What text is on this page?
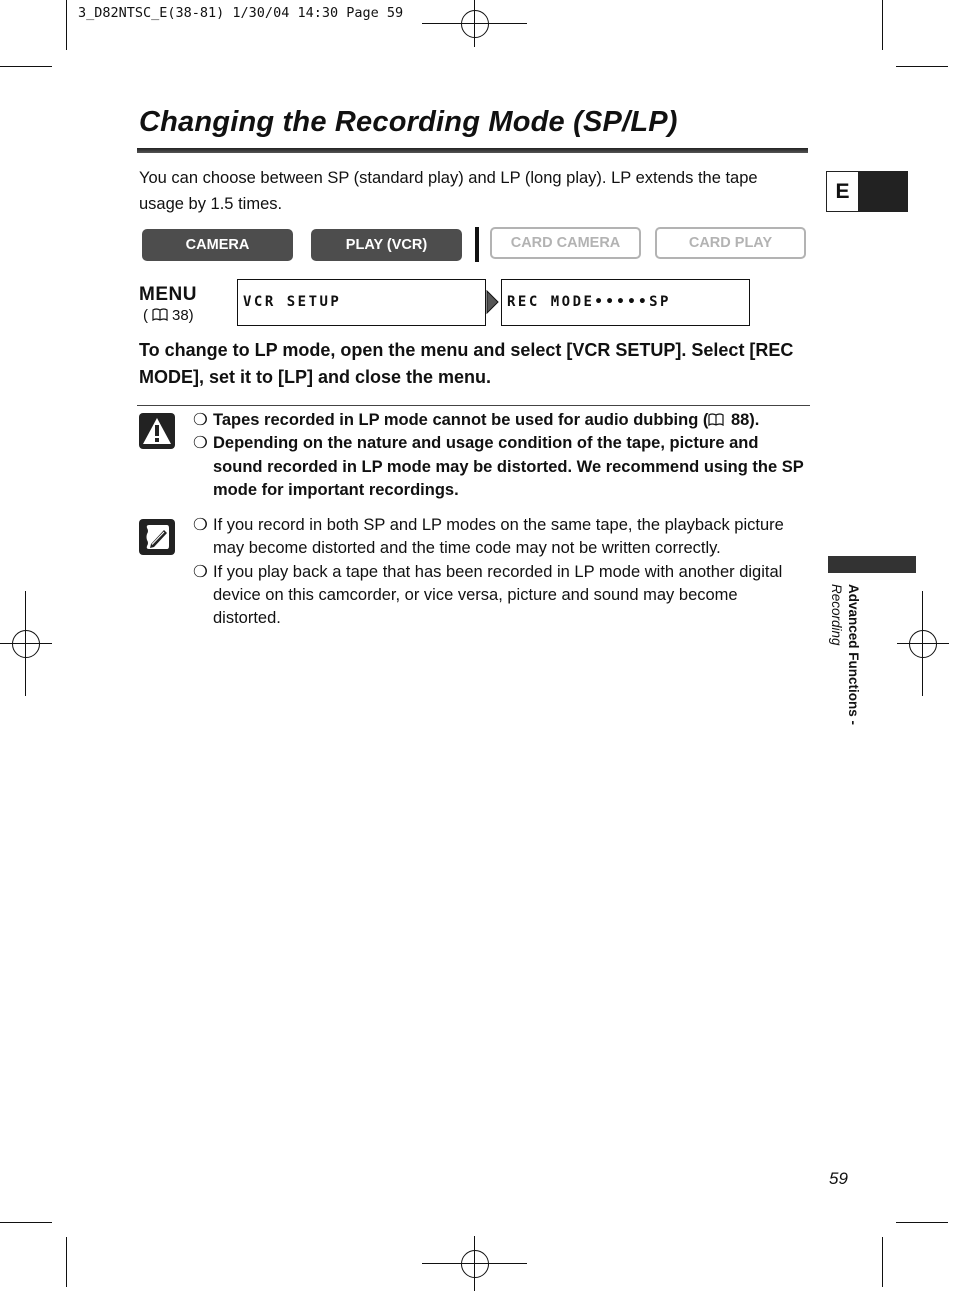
3_D82NTSC_E(38-81) 1/30/04 14:30 Page 59
Changing the Recording Mode (SP/LP)
You can choose between SP (standard play) and LP (long play). LP extends the tape usage by 1.5 times.
E
CAMERA	PLAY (VCR)	CARD CAMERA	CARD PLAY
MENU
( 38)
VCR SETUP	REC MODE•••••SP
To change to LP mode, open the menu and select [VCR SETUP]. Select [REC MODE], set it to [LP] and close the menu.
❍ Tapes recorded in LP mode cannot be used for audio dubbing ( 88).
❍ Depending on the nature and usage condition of the tape, picture and sound recorded in LP mode may be distorted. We recommend using the SP mode for important recordings.
❍ If you record in both SP and LP modes on the same tape, the playback picture may become distorted and the time code may not be written correctly.
❍ If you play back a tape that has been recorded in LP mode with another digital device on this camcorder, or vice versa, picture and sound may become distorted.	Advanced Functions -
Recording
59
